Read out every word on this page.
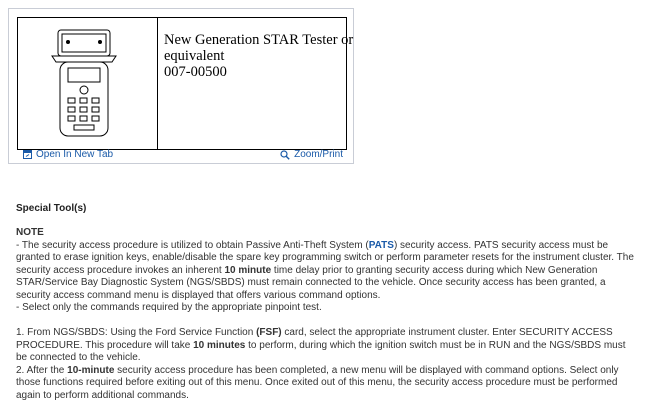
New Generation STAR Tester or
equivalent
007-00500
Open In New Tab	Zoom/Print
Special Tool(s)
NOTE

- The security access procedure is utilized to obtain Passive Anti-Theft System (PATS) security access. PATS security access must be granted to erase ignition keys, enable/disable the spare key programming switch or perform parameter resets for the instrument cluster. The security access procedure invokes an inherent 10 minute time delay prior to granting security access during which New Generation STAR/Service Bay Diagnostic System (NGS/SBDS) must remain connected to the vehicle. Once security access has been granted, a security access command menu is displayed that offers various command options.

- Select only the commands required by the appropriate pinpoint test.

1. From NGS/SBDS: Using the Ford Service Function (FSF) card, select the appropriate instrument cluster. Enter SECURITY ACCESS PROCEDURE. This procedure will take 10 minutes to perform, during which the ignition switch must be in RUN and the NGS/SBDS must be connected to the vehicle.

2. After the 10-minute security access procedure has been completed, a new menu will be displayed with command options. Select only those functions required before exiting out of this menu. Once exited out of this menu, the security access procedure must be performed again to perform additional commands.
